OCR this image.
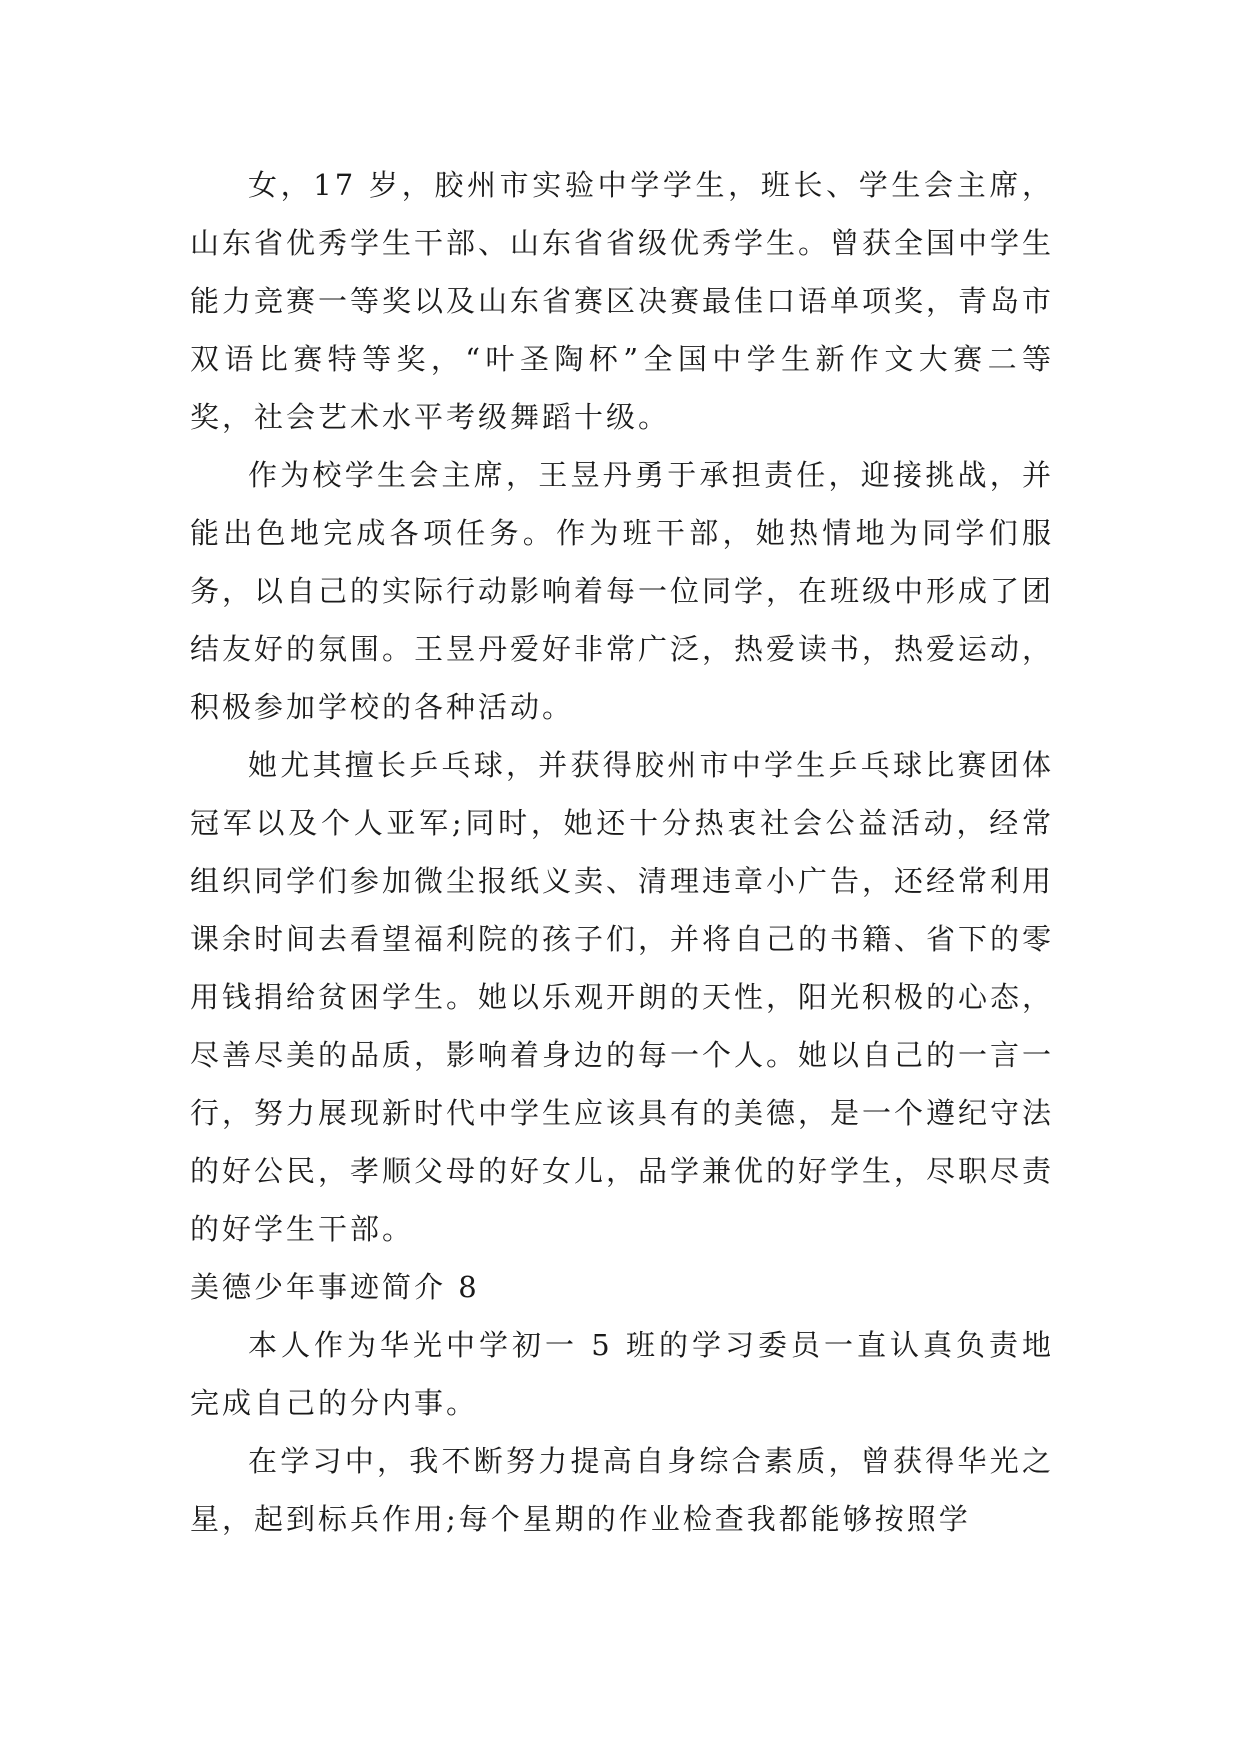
女，17 岁，胶州市实验中学学生，班长、学生会主席，山东省优秀学生干部、山东省省级优秀学生。曾获全国中学生能力竞赛一等奖以及山东省赛区决赛最佳口语单项奖，青岛市双语比赛特等奖，“叶圣陶杯”全国中学生新作文大赛二等奖，社会艺术水平考级舞蹈十级。

作为校学生会主席，王昱丹勇于承担责任，迎接挑战，并能出色地完成各项任务。作为班干部，她热情地为同学们服务，以自己的实际行动影响着每一位同学，在班级中形成了团结友好的氛围。王昱丹爱好非常广泛，热爱读书，热爱运动，积极参加学校的各种活动。

她尤其擅长乒乓球，并获得胶州市中学生乒乓球比赛团体冠军以及个人亚军;同时，她还十分热衷社会公益活动，经常组织同学们参加微尘报纸义卖、清理违章小广告，还经常利用课余时间去看望福利院的孩子们，并将自己的书籍、省下的零用钱捐给贫困学生。她以乐观开朗的天性，阳光积极的心态，尽善尽美的品质，影响着身边的每一个人。她以自己的一言一行，努力展现新时代中学生应该具有的美德，是一个遵纪守法的好公民，孝顺父母的好女儿，品学兼优的好学生，尽职尽责的好学生干部。

美德少年事迹简介 8

本人作为华光中学初一 5 班的学习委员一直认真负责地完成自己的分内事。

在学习中，我不断努力提高自身综合素质，曾获得华光之星，起到标兵作用;每个星期的作业检查我都能够按照学
